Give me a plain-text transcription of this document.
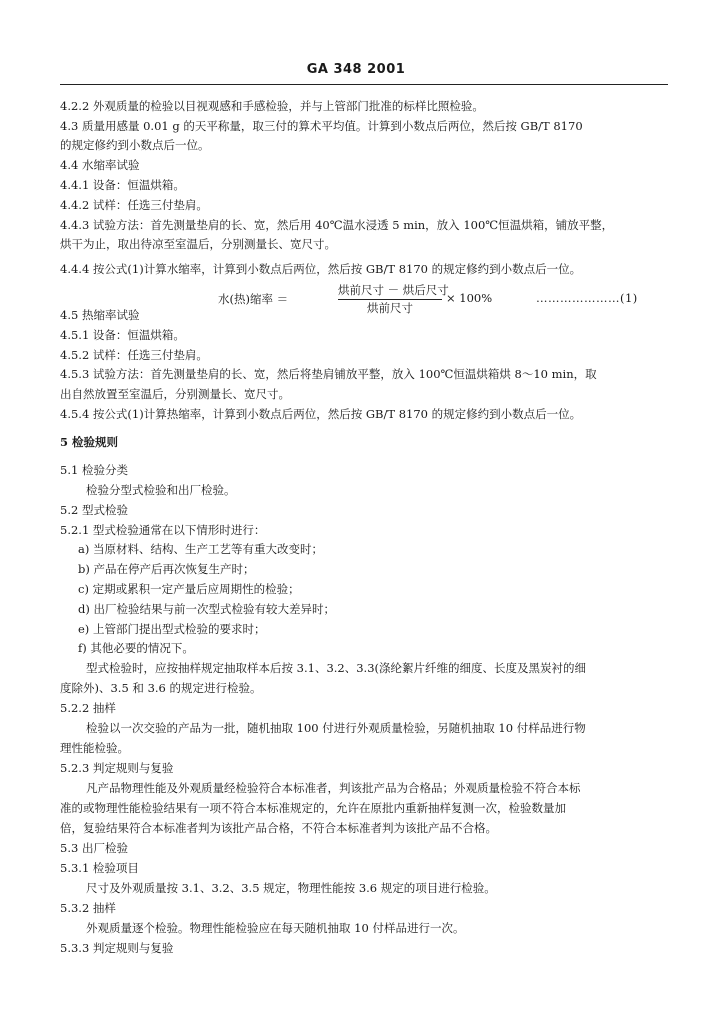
GA 348 2001
4.2.2 外观质量的检验以目视观感和手感检验，并与上管部门批准的标样比照检验。
4.3 质量用感量 0.01 g 的天平称量，取三付的算术平均值。计算到小数点后两位，然后按 GB/T 8170
的规定修约到小数点后一位。
4.4 水缩率试验
4.4.1 设备：恒温烘箱。
4.4.2 试样：任选三付垫肩。
4.4.3 试验方法：首先测量垫肩的长、宽，然后用 40℃温水浸透 5 min，放入 100℃恒温烘箱，铺放平整，
烘干为止，取出待凉至室温后，分别测量长、宽尺寸。
4.4.4 按公式(1)计算水缩率，计算到小数点后两位，然后按 GB/T 8170 的规定修约到小数点后一位。
水(热)缩率 ＝
烘前尺寸 － 烘后尺寸
烘前尺寸
× 100%	…………………(1)
4.5 热缩率试验
4.5.1 设备：恒温烘箱。
4.5.2 试样：任选三付垫肩。
4.5.3 试验方法：首先测量垫肩的长、宽，然后将垫肩铺放平整，放入 100℃恒温烘箱烘 8～10 min，取
出自然放置至室温后，分别测量长、宽尺寸。
4.5.4 按公式(1)计算热缩率，计算到小数点后两位，然后按 GB/T 8170 的规定修约到小数点后一位。
5 检验规则
5.1 检验分类
检验分型式检验和出厂检验。
5.2 型式检验
5.2.1 型式检验通常在以下情形时进行：
a) 当原材料、结构、生产工艺等有重大改变时；
b) 产品在停产后再次恢复生产时；
c) 定期或累积一定产量后应周期性的检验；
d) 出厂检验结果与前一次型式检验有较大差异时；
e) 上管部门提出型式检验的要求时；
f) 其他必要的情况下。
型式检验时，应按抽样规定抽取样本后按 3.1、3.2、3.3(涤纶絮片纤维的细度、长度及黑炭衬的细
度除外)、3.5 和 3.6 的规定进行检验。
5.2.2 抽样
检验以一次交验的产品为一批，随机抽取 100 付进行外观质量检验，另随机抽取 10 付样品进行物
理性能检验。
5.2.3 判定规则与复验
凡产品物理性能及外观质量经检验符合本标准者，判该批产品为合格品；外观质量检验不符合本标
准的或物理性能检验结果有一项不符合本标准规定的，允许在原批内重新抽样复测一次，检验数量加
倍，复验结果符合本标准者判为该批产品合格，不符合本标准者判为该批产品不合格。
5.3 出厂检验
5.3.1 检验项目
尺寸及外观质量按 3.1、3.2、3.5 规定，物理性能按 3.6 规定的项目进行检验。
5.3.2 抽样
外观质量逐个检验。物理性能检验应在每天随机抽取 10 付样品进行一次。
5.3.3 判定规则与复验
